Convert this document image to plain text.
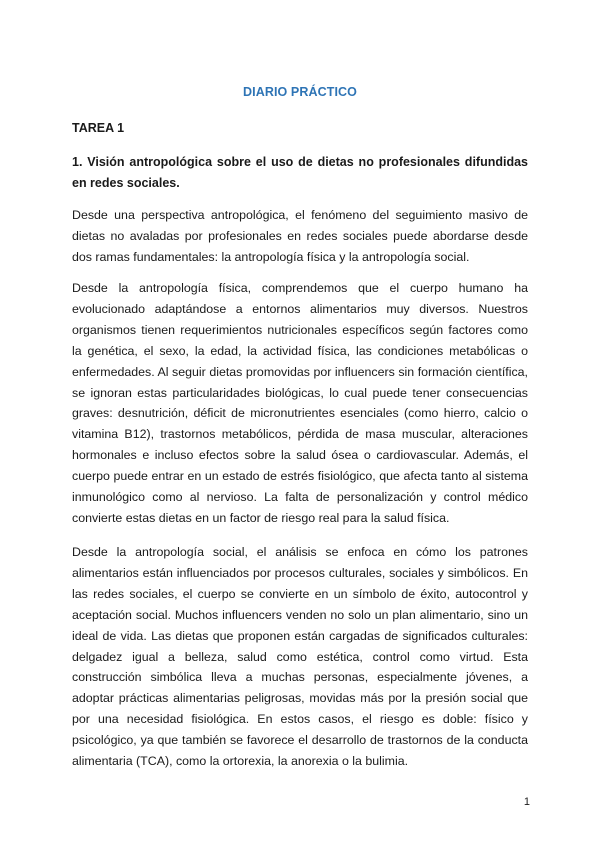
DIARIO PRÁCTICO
TAREA 1
1. Visión antropológica sobre el uso de dietas no profesionales difundidas en redes sociales.

Desde una perspectiva antropológica, el fenómeno del seguimiento masivo de dietas no avaladas por profesionales en redes sociales puede abordarse desde dos ramas fundamentales: la antropología física y la antropología social.

Desde la antropología física, comprendemos que el cuerpo humano ha evolucionado adaptándose a entornos alimentarios muy diversos. Nuestros organismos tienen requerimientos nutricionales específicos según factores como la genética, el sexo, la edad, la actividad física, las condiciones metabólicas o enfermedades. Al seguir dietas promovidas por influencers sin formación científica, se ignoran estas particularidades biológicas, lo cual puede tener consecuencias graves: desnutrición, déficit de micronutrientes esenciales (como hierro, calcio o vitamina B12), trastornos metabólicos, pérdida de masa muscular, alteraciones hormonales e incluso efectos sobre la salud ósea o cardiovascular. Además, el cuerpo puede entrar en un estado de estrés fisiológico, que afecta tanto al sistema inmunológico como al nervioso. La falta de personalización y control médico convierte estas dietas en un factor de riesgo real para la salud física.

Desde la antropología social, el análisis se enfoca en cómo los patrones alimentarios están influenciados por procesos culturales, sociales y simbólicos. En las redes sociales, el cuerpo se convierte en un símbolo de éxito, autocontrol y aceptación social. Muchos influencers venden no solo un plan alimentario, sino un ideal de vida. Las dietas que proponen están cargadas de significados culturales: delgadez igual a belleza, salud como estética, control como virtud. Esta construcción simbólica lleva a muchas personas, especialmente jóvenes, a adoptar prácticas alimentarias peligrosas, movidas más por la presión social que por una necesidad fisiológica. En estos casos, el riesgo es doble: físico y psicológico, ya que también se favorece el desarrollo de trastornos de la conducta alimentaria (TCA), como la ortorexia, la anorexia o la bulimia.

1
